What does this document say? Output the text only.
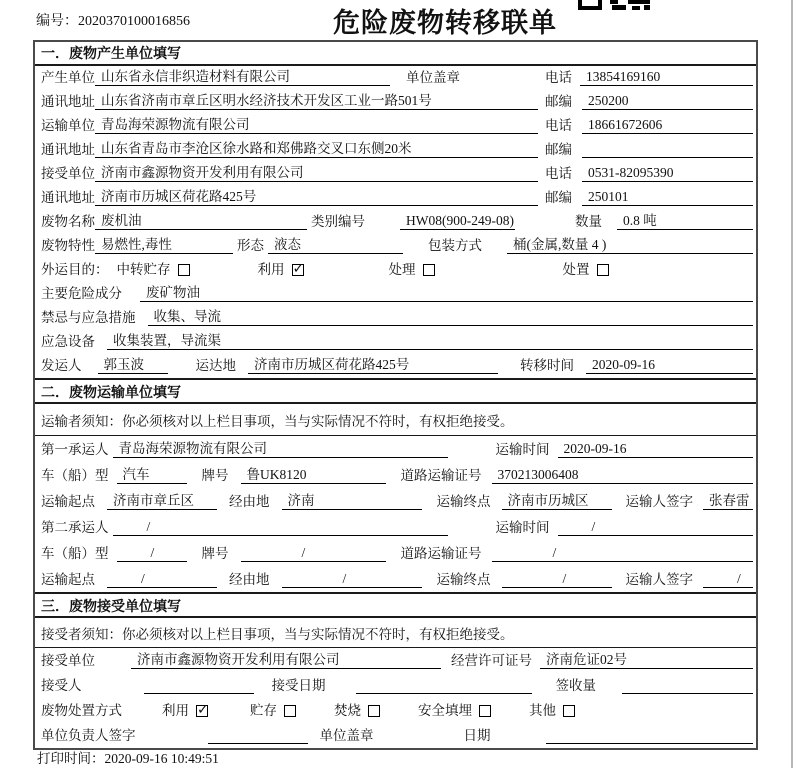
编号：2020370100016856	危险废物转移联单
一．废物产生单位填写
产生单位 山东省永信非织造材料有限公司	单位盖章	电话	13854169160
通讯地址 山东省济南市章丘区明水经济技术开发区工业一路501号	邮编	250200
运输单位 青岛海荣源物流有限公司	电话	18661672606
通讯地址 山东省青岛市李沧区徐水路和郑佛路交叉口东侧20米	邮编
接受单位 济南市鑫源物资开发利用有限公司	电话	0531-82095390
通讯地址 济南市历城区荷花路425号	邮编	250101
废物名称 废机油	类别编号	HW08(900-249-08)	数量	0.8 吨
废物特性 易燃性,毒性	形态 液态	包装方式	桶(金属,数量 4 )
外运目的： 中转贮存	利用 ✓	处理	处置
主要危险成分	废矿物油
禁忌与应急措施	收集、导流
应急设备	收集装置，导流渠
发运人	郭玉波	运达地	济南市历城区荷花路425号	转移时间	2020-09-16
二．废物运输单位填写
运输者须知：你必须核对以上栏目事项，当与实际情况不符时，有权拒绝接受。
第一承运人 青岛海荣源物流有限公司	运输时间	2020-09-16
车（船）型	汽车	牌号	鲁UK8120	道路运输证号	370213006408
运输起点	济南市章丘区	经由地	济南	运输终点	济南市历城区	运输人签字	张春雷
第二承运人	/	运输时间	/
车（船）型	/	牌号	/	道路运输证号	/
运输起点	/	经由地	/	运输终点	/	运输人签字	/
三．废物接受单位填写
接受者须知：你必须核对以上栏目事项，当与实际情况不符时，有权拒绝接受。
接受单位	济南市鑫源物资开发利用有限公司	经营许可证号	济南危证02号
接受人	接受日期	签收量
废物处置方式	利用 ✓	贮存	焚烧	安全填埋	其他
单位负责人签字	单位盖章	日期
打印时间：2020-09-16 10:49:51
